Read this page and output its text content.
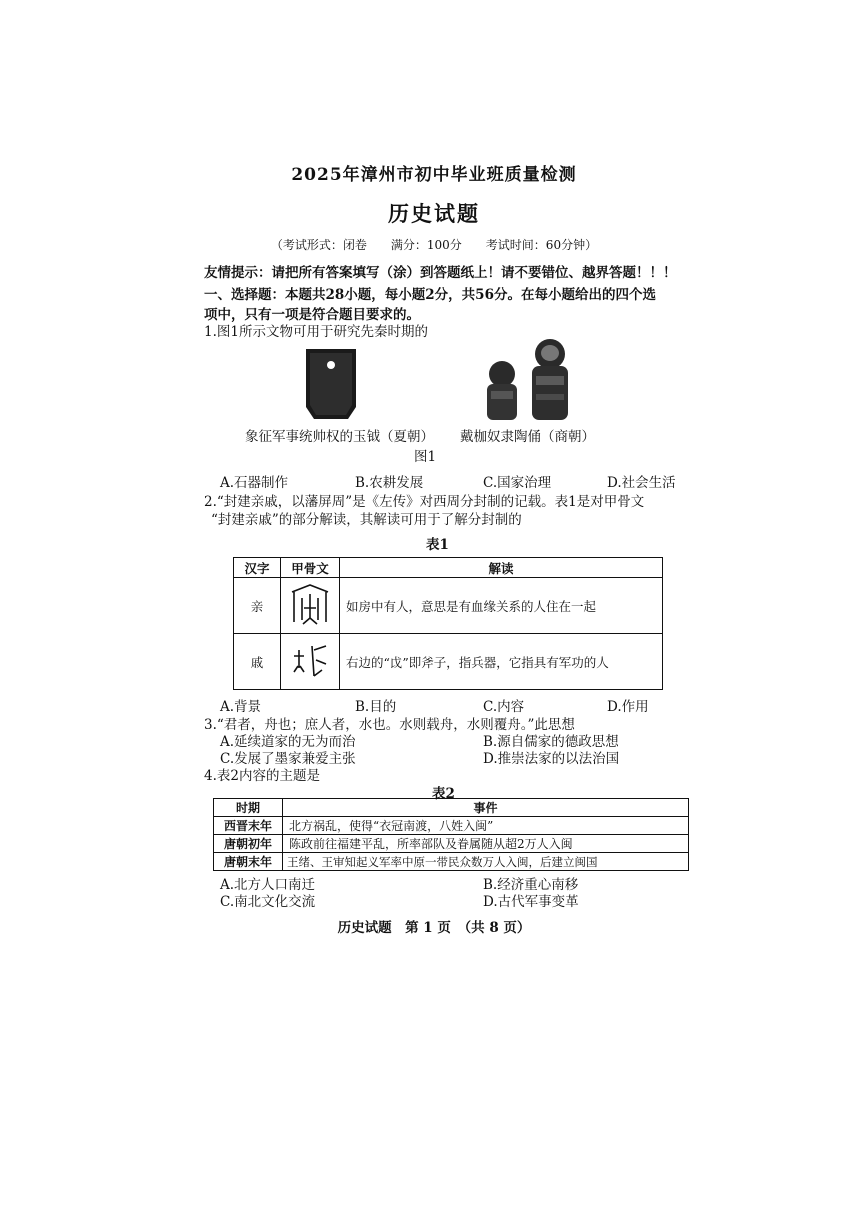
2025年漳州市初中毕业班质量检测
历史试题
（考试形式：闭卷　　满分：100分　　考试时间：60分钟）
友情提示：请把所有答案填写（涂）到答题纸上！请不要错位、越界答题！！！
一、选择题：本题共28小题，每小题2分，共56分。在每小题给出的四个选
项中，只有一项是符合题目要求的。
1.图1所示文物可用于研究先秦时期的
象征军事统帅权的玉钺（夏朝） 戴枷奴隶陶俑（商朝）
图1
A.石器制作	B.农耕发展	C.国家治理	D.社会生活
2.“封建亲戚，以藩屏周”是《左传》对西周分封制的记载。表1是对甲骨文
“封建亲戚”的部分解读，其解读可用于了解分封制的
表1
汉字	甲骨文	解读
亲		如房中有人，意思是有血缘关系的人住在一起
戚		右边的“戉”即斧子，指兵器，它指具有军功的人
A.背景	B.目的	C.内容	D.作用
3.“君者，舟也；庶人者，水也。水则载舟，水则覆舟。”此思想
A.延续道家的无为而治	B.源自儒家的德政思想
C.发展了墨家兼爱主张	D.推崇法家的以法治国
4.表2内容的主题是
表2
时期	事件
西晋末年	北方祸乱，使得“衣冠南渡，八姓入闽”
唐朝初年	陈政前往福建平乱，所率部队及眷属随从超2万人入闽
唐朝末年	王绪、王审知起义军率中原一带民众数万人入闽，后建立闽国
A.北方人口南迁	B.经济重心南移
C.南北文化交流	D.古代军事变革
历史试题　第 1 页　（共 8 页）
